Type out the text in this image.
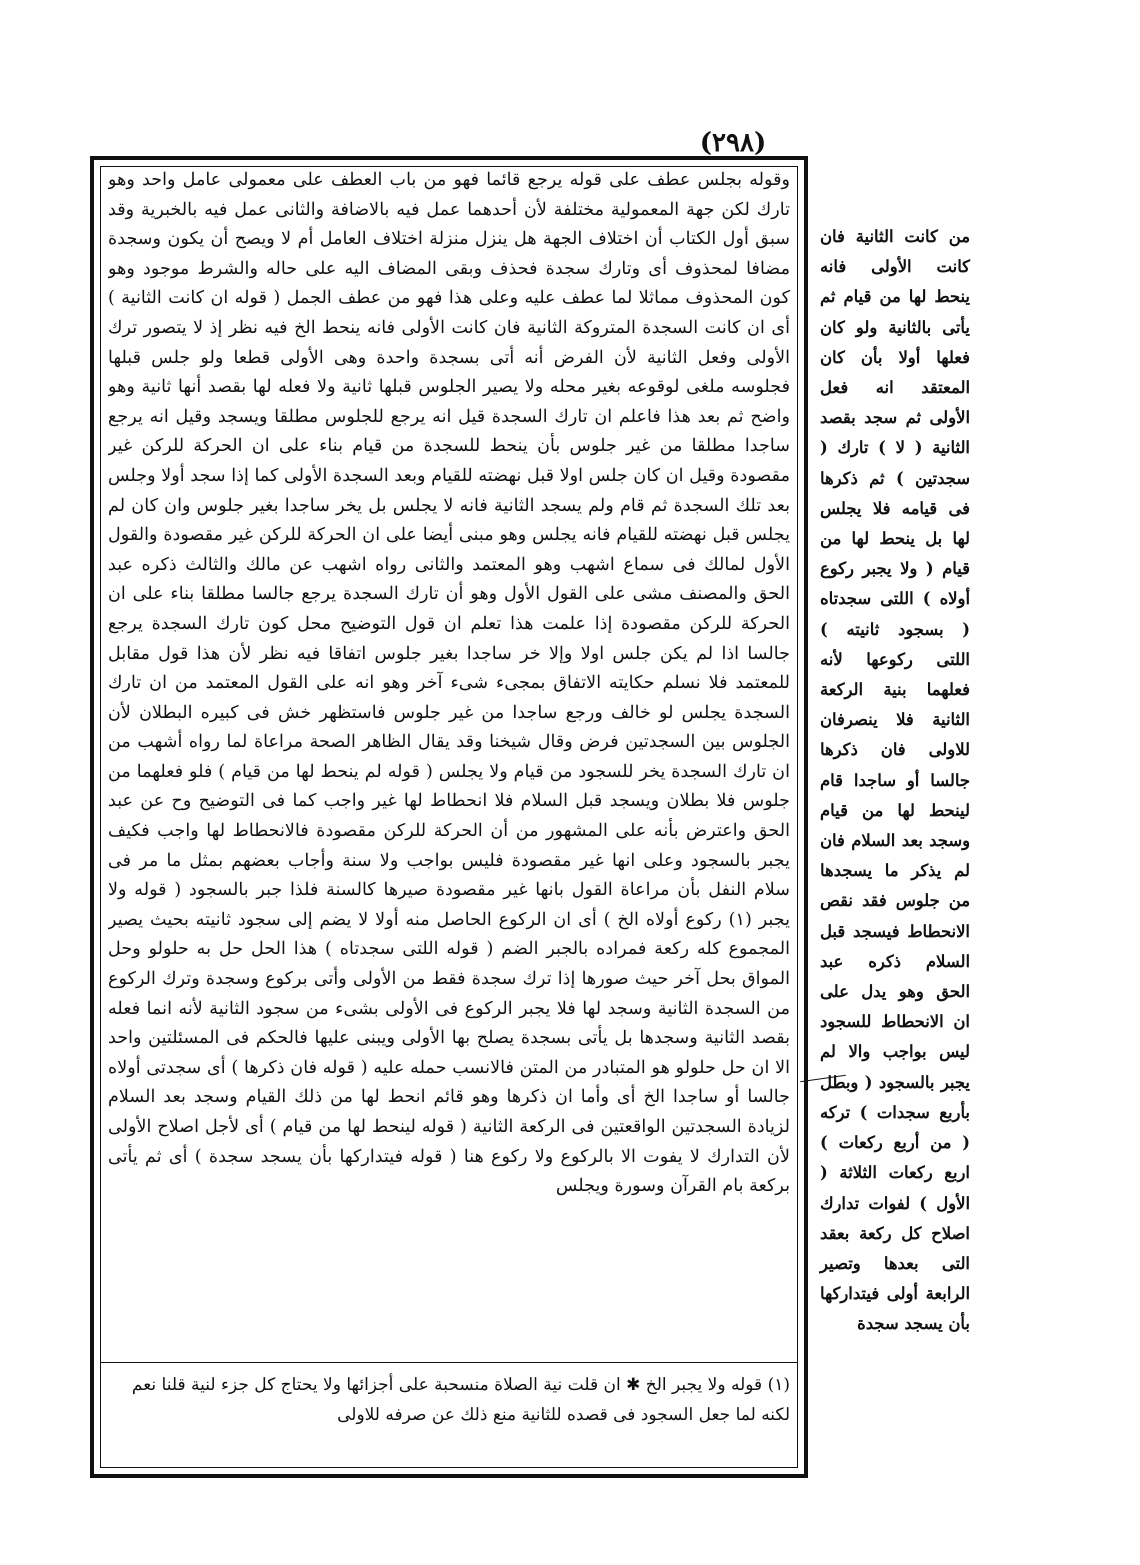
(٢٩٨)

وقوله بجلس عطف على قوله يرجع قائما فهو من باب العطف على معمولى عامل واحد وهو تارك لكن جهة المعمولية مختلفة لأن أحدهما عمل فيه بالاضافة والثانى عمل فيه بالخبرية وقد سبق أول الكتاب أن اختلاف الجهة هل ينزل منزلة اختلاف العامل أم لا ويصح أن يكون وسجدة مضافا لمحذوف أى وتارك سجدة فحذف وبقى المضاف اليه على حاله والشرط موجود وهو كون المحذوف مماثلا لما عطف عليه وعلى هذا فهو من عطف الجمل ( قوله ان كانت الثانية ) أى ان كانت السجدة المتروكة الثانية فان كانت الأولى فانه ينحط الخ فيه نظر إذ لا يتصور ترك الأولى وفعل الثانية لأن الفرض أنه أتى بسجدة واحدة وهى الأولى قطعا ولو جلس قبلها فجلوسه ملغى لوقوعه بغير محله ولا يصير الجلوس قبلها ثانية ولا فعله لها بقصد أنها ثانية وهو واضح ثم بعد هذا فاعلم ان تارك السجدة قيل انه يرجع للجلوس مطلقا ويسجد وقيل انه يرجع ساجدا مطلقا من غير جلوس بأن ينحط للسجدة من قيام بناء على ان الحركة للركن غير مقصودة وقيل ان كان جلس اولا قبل نهضته للقيام وبعد السجدة الأولى كما إذا سجد أولا وجلس بعد تلك السجدة ثم قام ولم يسجد الثانية فانه لا يجلس بل يخر ساجدا بغير جلوس وان كان لم يجلس قبل نهضته للقيام فانه يجلس وهو مبنى أيضا على ان الحركة للركن غير مقصودة والقول الأول لمالك فى سماع اشهب وهو المعتمد والثانى رواه اشهب عن مالك والثالث ذكره عبد الحق والمصنف مشى على القول الأول وهو أن تارك السجدة يرجع جالسا مطلقا بناء على ان الحركة للركن مقصودة إذا علمت هذا تعلم ان قول التوضيح محل كون تارك السجدة يرجع جالسا اذا لم يكن جلس اولا وإلا خر ساجدا بغير جلوس اتفاقا فيه نظر لأن هذا قول مقابل للمعتمد فلا نسلم حكايته الاتفاق بمجىء شىء آخر وهو انه على القول المعتمد من ان تارك السجدة يجلس لو خالف ورجع ساجدا من غير جلوس فاستظهر خش فى كبيره البطلان لأن الجلوس بين السجدتين فرض وقال شيخنا وقد يقال الظاهر الصحة مراعاة لما رواه أشهب من ان تارك السجدة يخر للسجود من قيام ولا يجلس ( قوله لم ينحط لها من قيام ) فلو فعلهما من جلوس فلا بطلان ويسجد قبل السلام فلا انحطاط لها غير واجب كما فى التوضيح وح عن عبد الحق واعترض بأنه على المشهور من أن الحركة للركن مقصودة فالانحطاط لها واجب فكيف يجبر بالسجود وعلى انها غير مقصودة فليس بواجب ولا سنة وأجاب بعضهم بمثل ما مر فى سلام النفل بأن مراعاة القول بانها غير مقصودة صيرها كالسنة فلذا جبر بالسجود ( قوله ولا يجبر (١) ركوع أولاه الخ ) أى ان الركوع الحاصل منه أولا لا يضم إلى سجود ثانيته بحيث يصير المجموع كله ركعة فمراده بالجبر الضم ( قوله اللتى سجدتاه ) هذا الحل حل به حلولو وحل المواق بحل آخر حيث صورها إذا ترك سجدة فقط من الأولى وأتى بركوع وسجدة وترك الركوع من السجدة الثانية وسجد لها فلا يجبر الركوع فى الأولى بشىء من سجود الثانية لأنه انما فعله بقصد الثانية وسجدها بل يأتى بسجدة يصلح بها الأولى ويبنى عليها فالحكم فى المسئلتين واحد الا ان حل حلولو هو المتبادر من المتن فالانسب حمله عليه ( قوله فان ذكرها ) أى سجدتى أولاه جالسا أو ساجدا الخ أى وأما ان ذكرها وهو قائم انحط لها من ذلك القيام وسجد بعد السلام لزيادة السجدتين الواقعتين فى الركعة الثانية ( قوله لينحط لها من قيام ) أى لأجل اصلاح الأولى لأن التدارك لا يفوت الا بالركوع ولا ركوع هنا ( قوله فيتداركها بأن يسجد سجدة ) أى ثم يأتى بركعة بام القرآن وسورة ويجلس

(١) قوله ولا يجبر الخ ✱ ان قلت نية الصلاة منسحبة على أجزائها ولا يحتاج كل جزء لنية قلنا نعم لكنه لما جعل السجود فى قصده للثانية منع ذلك عن صرفه للاولى

من كانت الثانية فان كانت الأولى فانه ينحط لها من قيام ثم يأتى بالثانية ولو كان فعلها أولا بأن كان المعتقد انه فعل الأولى ثم سجد بقصد الثانية ( لا ) تارك ( سجدتين ) ثم ذكرها فى قيامه فلا يجلس لها بل ينحط لها من قيام ( ولا يجبر ركوع أولاه ) اللتى سجدتاه ( بسجود ثانيته ) اللتى ركوعها لأنه فعلهما بنية الركعة الثانية فلا ينصرفان للاولى فان ذكرها جالسا أو ساجدا قام لينحط لها من قيام وسجد بعد السلام فان لم يذكر ما يسجدها من جلوس فقد نقص الانحطاط فيسجد قبل السلام ذكره عبد الحق وهو يدل على ان الانحطاط للسجود ليس بواجب والا لم يجبر بالسجود ( وبطل بأربع سجدات ) تركه ( من أربع ركعات ) اربع ركعات الثلاثة ( الأول ) لفوات تدارك اصلاح كل ركعة بعقد التى بعدها وتصير الرابعة أولى فيتداركها بأن يسجد سجدة
